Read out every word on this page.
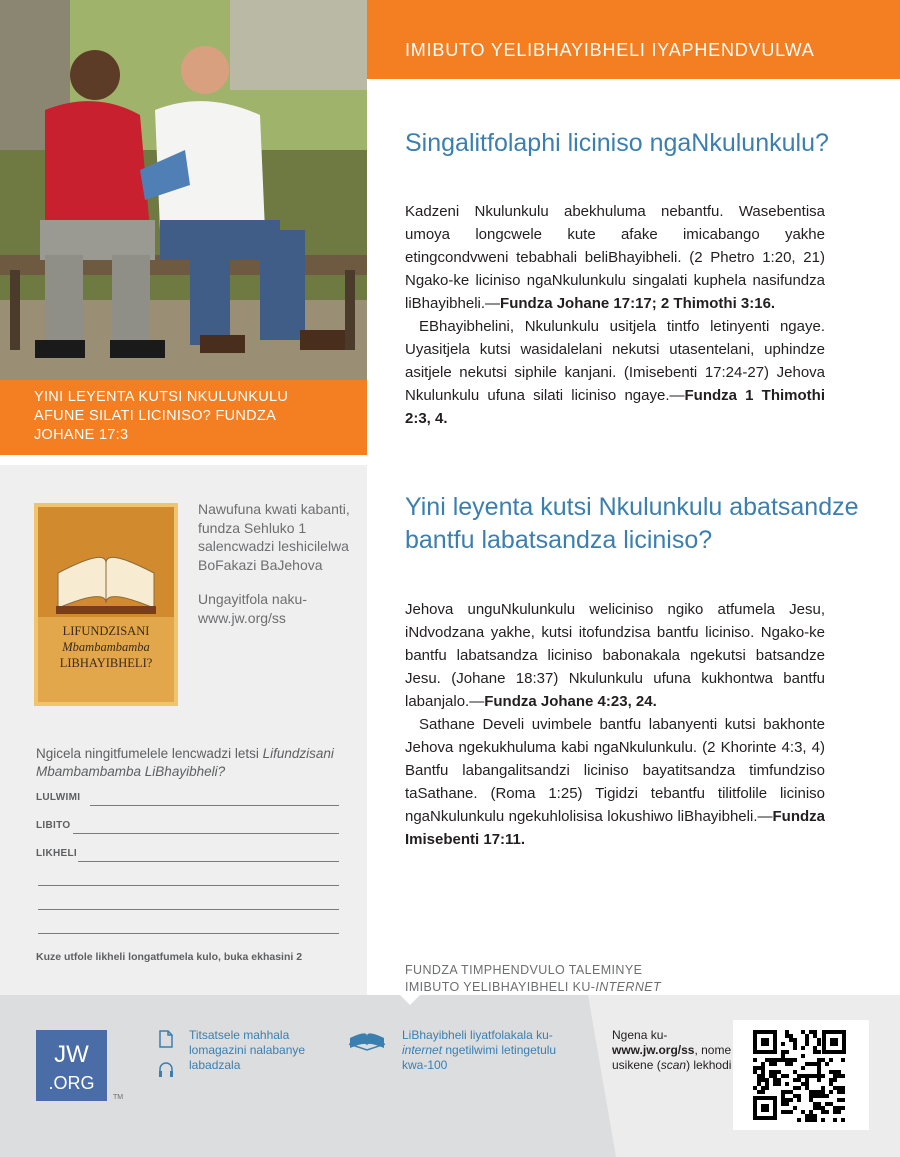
YINI LEYENTA KUTSI NKULUNKULU AFUNE SILATI LICINISO? FUNDZA JOHANE 17:3
LIFUNDZISANI
Mbambambamba
LIBHAYIBHELI?

Nawufuna kwati kabanti, fundza Sehluko 1 salencwadzi leshicilelwa BoFakazi BaJehova

Ungayitfola naku-www.jw.org/ss

Ngicela ningitfumelele lencwadzi letsi Lifundzisani Mbambambamba LiBhayibheli?
LULWIMI
LIBITO
LIKHELI
Kuze utfole likheli longatfumela kulo, buka ekhasini 2
IMIBUTO YELIBHAYIBHELI IYAPHENDVULWA
Singalitfolaphi liciniso ngaNkulunkulu?

Kadzeni Nkulunkulu abekhuluma nebantfu. Wasebentisa umoya longcwele kute afake imicabango yakhe etingcondvweni tebabhali beliBhayibheli. (2 Phetro 1:20, 21) Ngako-ke liciniso ngaNkulunkulu singalati kuphela nasifundza liBhayibheli.—Fundza Johane 17:17; 2 Thimothi 3:16.

EBhayibhelini, Nkulunkulu usitjela tintfo letinyenti ngaye. Uyasitjela kutsi wasidalelani nekutsi utasentelani, uphindze asitjele nekutsi siphile kanjani. (Imisebenti 17:24-27) Jehova Nkulunkulu ufuna silati liciniso ngaye.—Fundza 1 Thimothi 2:3, 4.

Yini leyenta kutsi Nkulunkulu abatsandze bantfu labatsandza liciniso?

Jehova unguNkulunkulu weliciniso ngiko atfumela Jesu, iNdvodzana yakhe, kutsi itofundzisa bantfu liciniso. Ngako-ke bantfu labatsandza liciniso babonakala ngekutsi batsandze Jesu. (Johane 18:37) Nkulunkulu ufuna kukhontwa bantfu labanjalo.—Fundza Johane 4:23, 24.

Sathane Develi uvimbele bantfu labanyenti kutsi bakhonte Jehova ngekukhuluma kabi ngaNkulunkulu. (2 Khorinte 4:3, 4) Bantfu labangalitsandzi liciniso bayatitsandza timfundziso taSathane. (Roma 1:25) Tigidzi tebantfu tilitfolile liciniso ngaNkulunkulu ngekuhlolisisa lokushiwo liBhayibheli.—Fundza Imisebenti 17:11.

FUNDZA TIMPHENDVULO TALEMINYE
IMIBUTO YELIBHAYIBHELI KU-INTERNET
JW
.ORG
TM
Titsatsele mahhala lomagazini nalabanye labadzala
LiBhayibheli liyatfolakala ku-internet ngetilwimi letingetulu kwa-100
Ngena ku-www.jw.org/ss, nome usikene (scan) lekhodi
